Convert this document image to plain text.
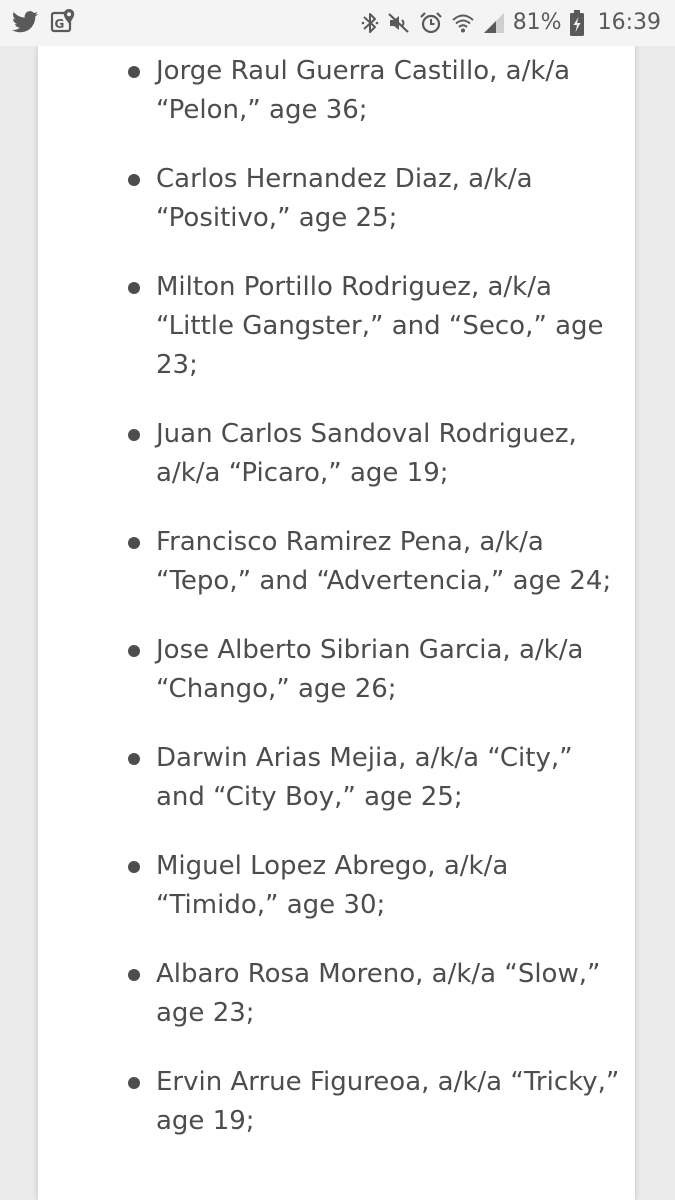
G	81% 16:39
Jorge Raul Guerra Castillo, a/k/a “Pelon,” age 36;
Carlos Hernandez Diaz, a/k/a “Positivo,” age 25;
Milton Portillo Rodriguez, a/k/a “Little Gangster,” and “Seco,” age 23;
Juan Carlos Sandoval Rodriguez, a/k/a “Picaro,” age 19;
Francisco Ramirez Pena, a/k/a “Tepo,” and “Advertencia,” age 24;
Jose Alberto Sibrian Garcia, a/k/a “Chango,” age 26;
Darwin Arias Mejia, a/k/a “City,” and “City Boy,” age 25;
Miguel Lopez Abrego, a/k/a “Timido,” age 30;
Albaro Rosa Moreno, a/k/a “Slow,” age 23;
Ervin Arrue Figureoa, a/k/a “Tricky,” age 19;
